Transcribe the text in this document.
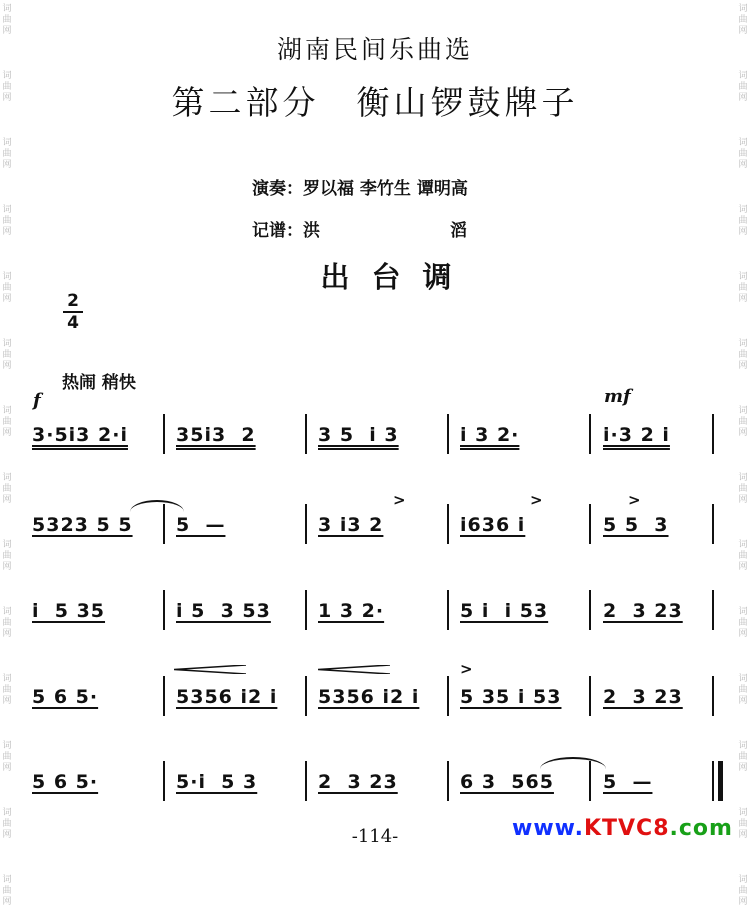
词
曲
网
词
曲
网
词
曲
网
词
曲
网
词
曲
网
词
曲
网
词
曲
网
词
曲
网
词
曲
网
词
曲
网
词
曲
网
词
曲
网
词
曲
网
词
曲
网
词
曲
网
词
曲
网
词
曲
网
词
曲
网
词
曲
网
词
曲
网
词
曲
网
词
曲
网
词
曲
网
词
曲
网
词
曲
网
词
曲
网
词
曲
网
词
曲
网
湖南民间乐曲选
第二部分　衡山锣鼓牌子
演奏：罗以福 李竹生 谭明高
记谱：洪	滔
出台调
2
4
热闹 稍快
f	mf
3·5i3 2·i	35i3  2	3 5  i 3	i 3 2·	i·3 2 i
5323 5 5 5  —	3 i3 2	i636 i	5 5  3
i  5 35	i 5  3 53 1 3 2·	5 i  i 53	2  3 23
5 6 5·	5356 i2 i 5356 i2 i 5 35 i 53 2  3 23
5 6 5·	5·i  5 3	2  3 23	6 3  565	5  —
>	>	>
>
-114-	www.KTVC8.com
